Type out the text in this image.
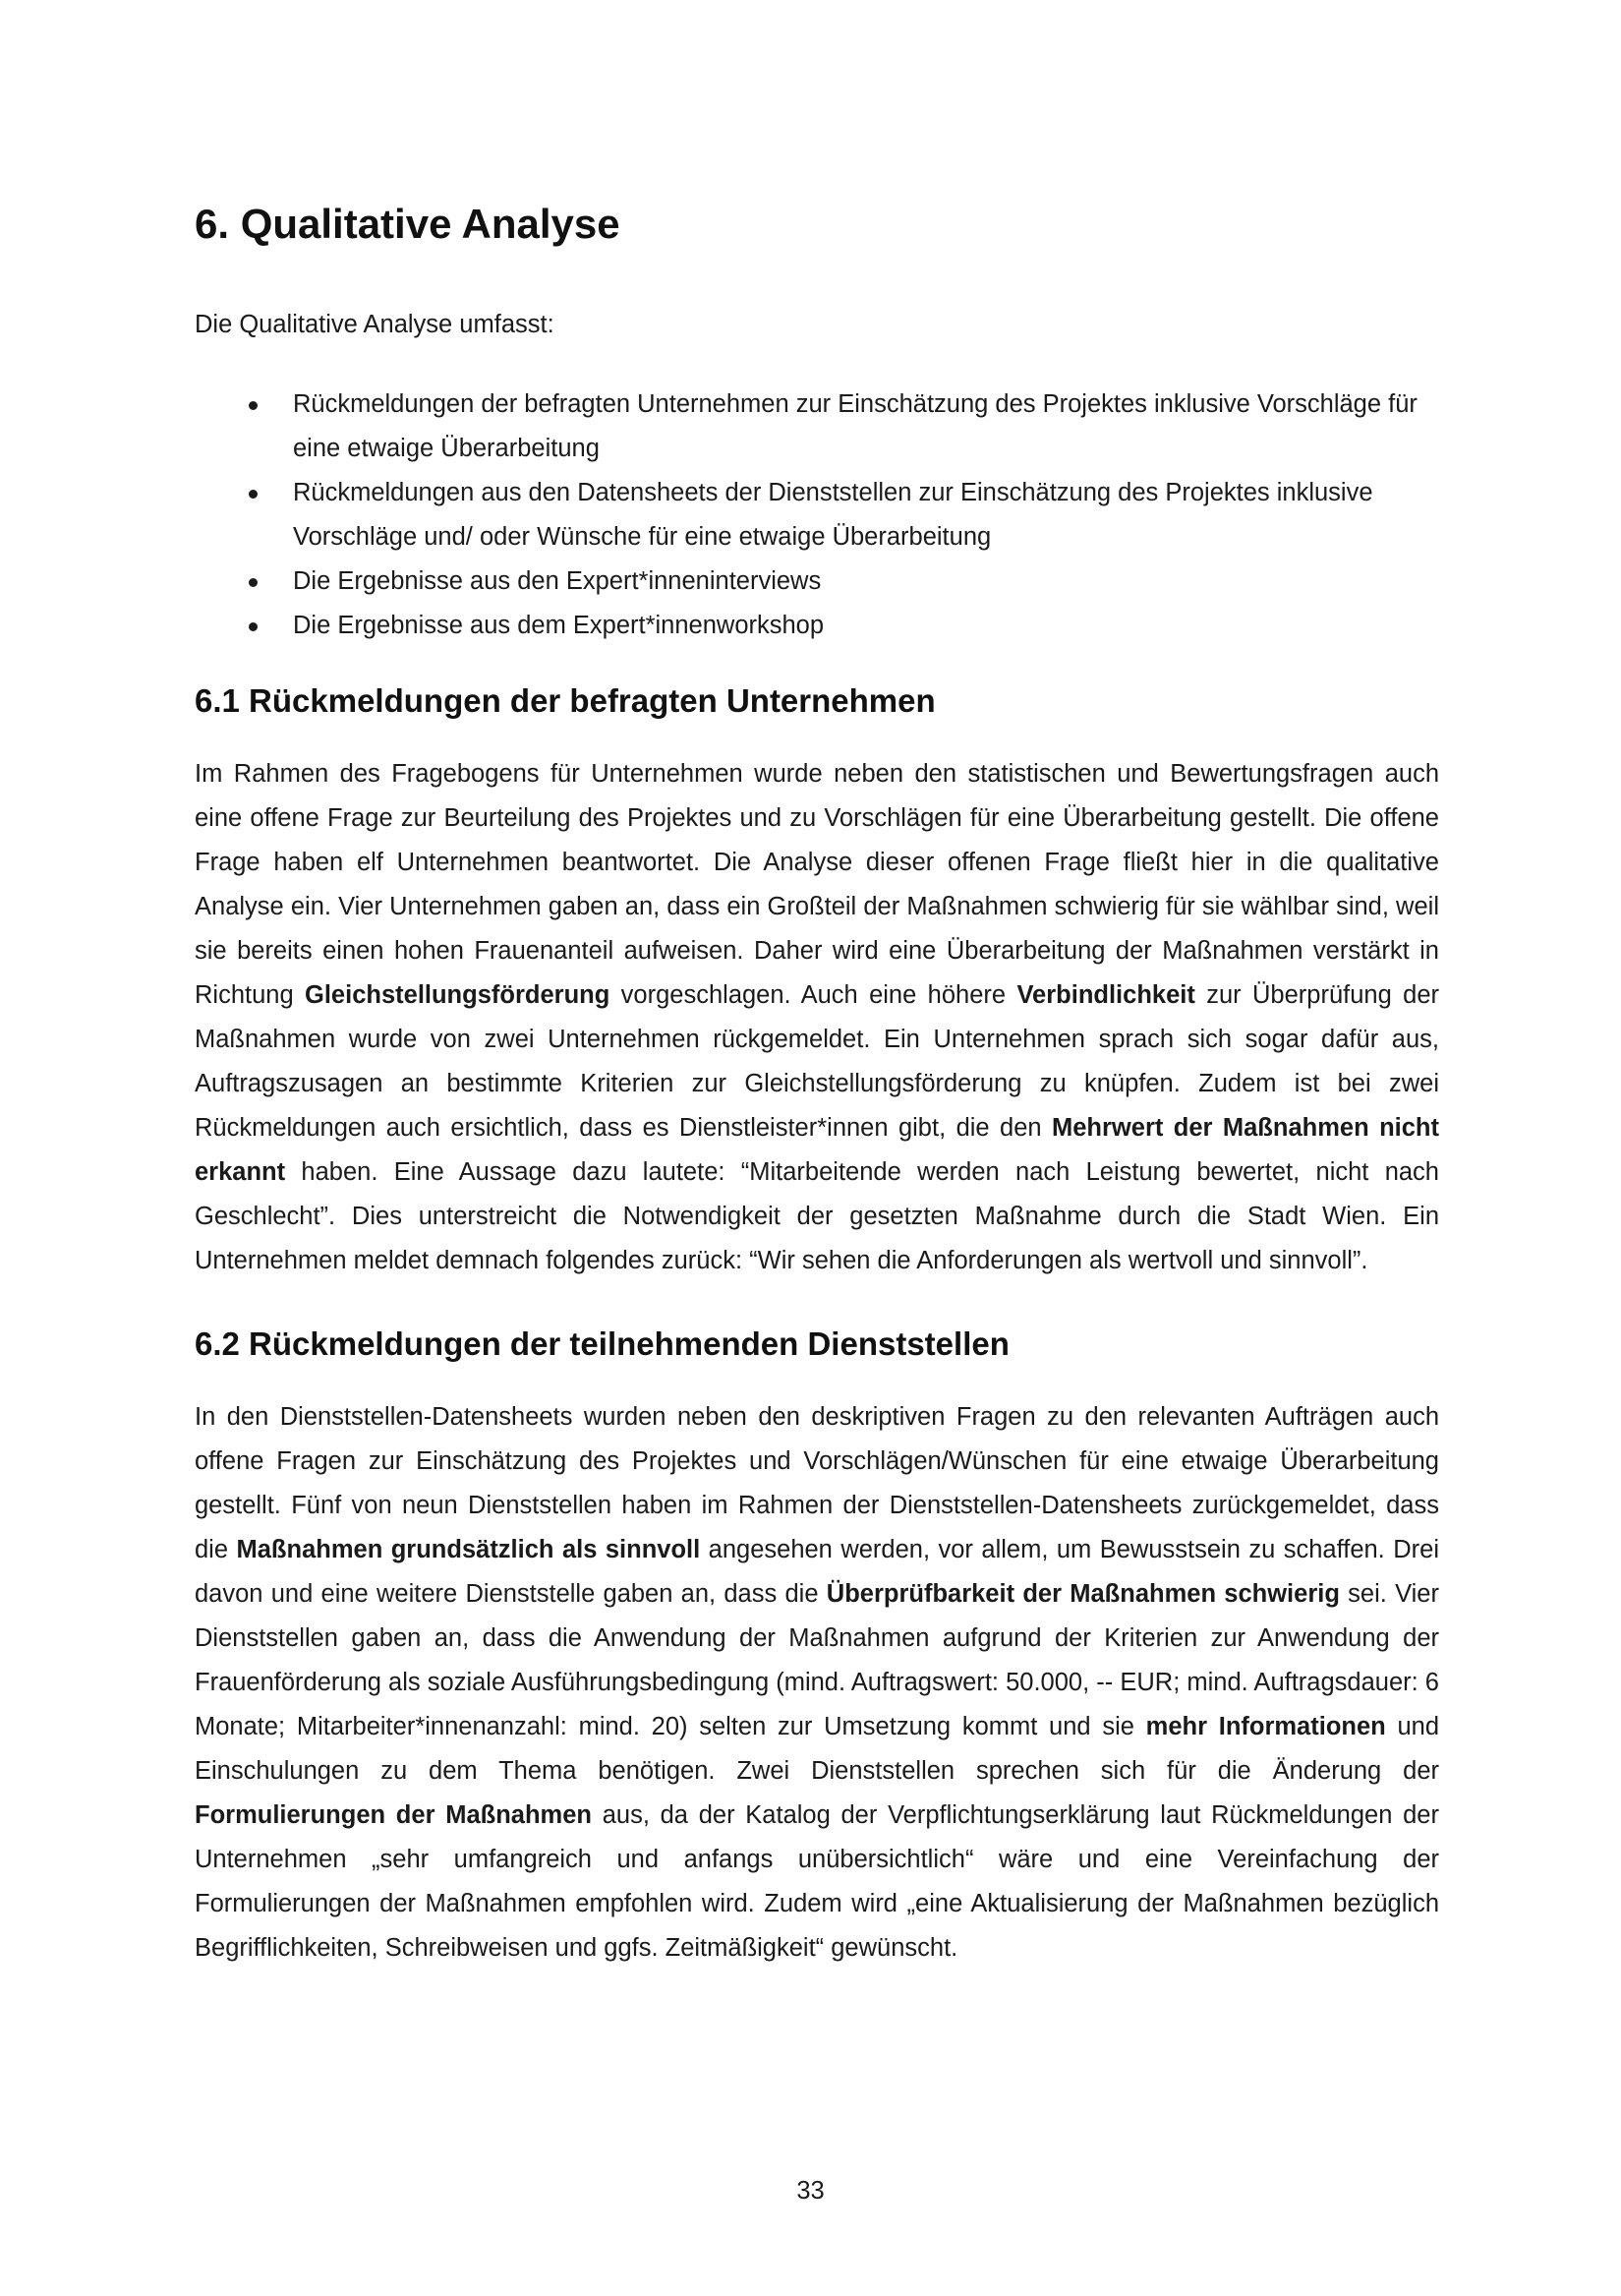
6. Qualitative Analyse

Die Qualitative Analyse umfasst:

Rückmeldungen der befragten Unternehmen zur Einschätzung des Projektes inklusive Vorschläge für eine etwaige Überarbeitung
Rückmeldungen aus den Datensheets der Dienststellen zur Einschätzung des Projektes inklusive Vorschläge und/ oder Wünsche für eine etwaige Überarbeitung
Die Ergebnisse aus den Expert*inneninterviews
Die Ergebnisse aus dem Expert*innenworkshop
6.1 Rückmeldungen der befragten Unternehmen

Im Rahmen des Fragebogens für Unternehmen wurde neben den statistischen und Bewertungsfragen auch eine offene Frage zur Beurteilung des Projektes und zu Vorschlägen für eine Überarbeitung gestellt. Die offene Frage haben elf Unternehmen beantwortet. Die Analyse dieser offenen Frage fließt hier in die qualitative Analyse ein. Vier Unternehmen gaben an, dass ein Großteil der Maßnahmen schwierig für sie wählbar sind, weil sie bereits einen hohen Frauenanteil aufweisen. Daher wird eine Überarbeitung der Maßnahmen verstärkt in Richtung Gleichstellungsförderung vorgeschlagen. Auch eine höhere Verbindlichkeit zur Überprüfung der Maßnahmen wurde von zwei Unternehmen rückgemeldet. Ein Unternehmen sprach sich sogar dafür aus, Auftragszusagen an bestimmte Kriterien zur Gleichstellungsförderung zu knüpfen. Zudem ist bei zwei Rückmeldungen auch ersichtlich, dass es Dienstleister*innen gibt, die den Mehrwert der Maßnahmen nicht erkannt haben. Eine Aussage dazu lautete: “Mitarbeitende werden nach Leistung bewertet, nicht nach Geschlecht”. Dies unterstreicht die Notwendigkeit der gesetzten Maßnahme durch die Stadt Wien. Ein Unternehmen meldet demnach folgendes zurück: “Wir sehen die Anforderungen als wertvoll und sinnvoll”.

6.2 Rückmeldungen der teilnehmenden Dienststellen

In den Dienststellen-Datensheets wurden neben den deskriptiven Fragen zu den relevanten Aufträgen auch offene Fragen zur Einschätzung des Projektes und Vorschlägen/Wünschen für eine etwaige Überarbeitung gestellt. Fünf von neun Dienststellen haben im Rahmen der Dienststellen-Datensheets zurückgemeldet, dass die Maßnahmen grundsätzlich als sinnvoll angesehen werden, vor allem, um Bewusstsein zu schaffen. Drei davon und eine weitere Dienststelle gaben an, dass die Überprüfbarkeit der Maßnahmen schwierig sei. Vier Dienststellen gaben an, dass die Anwendung der Maßnahmen aufgrund der Kriterien zur Anwendung der Frauenförderung als soziale Ausführungsbedingung (mind. Auftragswert: 50.000, -- EUR; mind. Auftragsdauer: 6 Monate; Mitarbeiter*innenanzahl: mind. 20) selten zur Umsetzung kommt und sie mehr Informationen und Einschulungen zu dem Thema benötigen. Zwei Dienststellen sprechen sich für die Änderung der Formulierungen der Maßnahmen aus, da der Katalog der Verpflichtungserklärung laut Rückmeldungen der Unternehmen „sehr umfangreich und anfangs unübersichtlich“ wäre und eine Vereinfachung der Formulierungen der Maßnahmen empfohlen wird. Zudem wird „eine Aktualisierung der Maßnahmen bezüglich Begrifflichkeiten, Schreibweisen und ggfs. Zeitmäßigkeit“ gewünscht.

33
